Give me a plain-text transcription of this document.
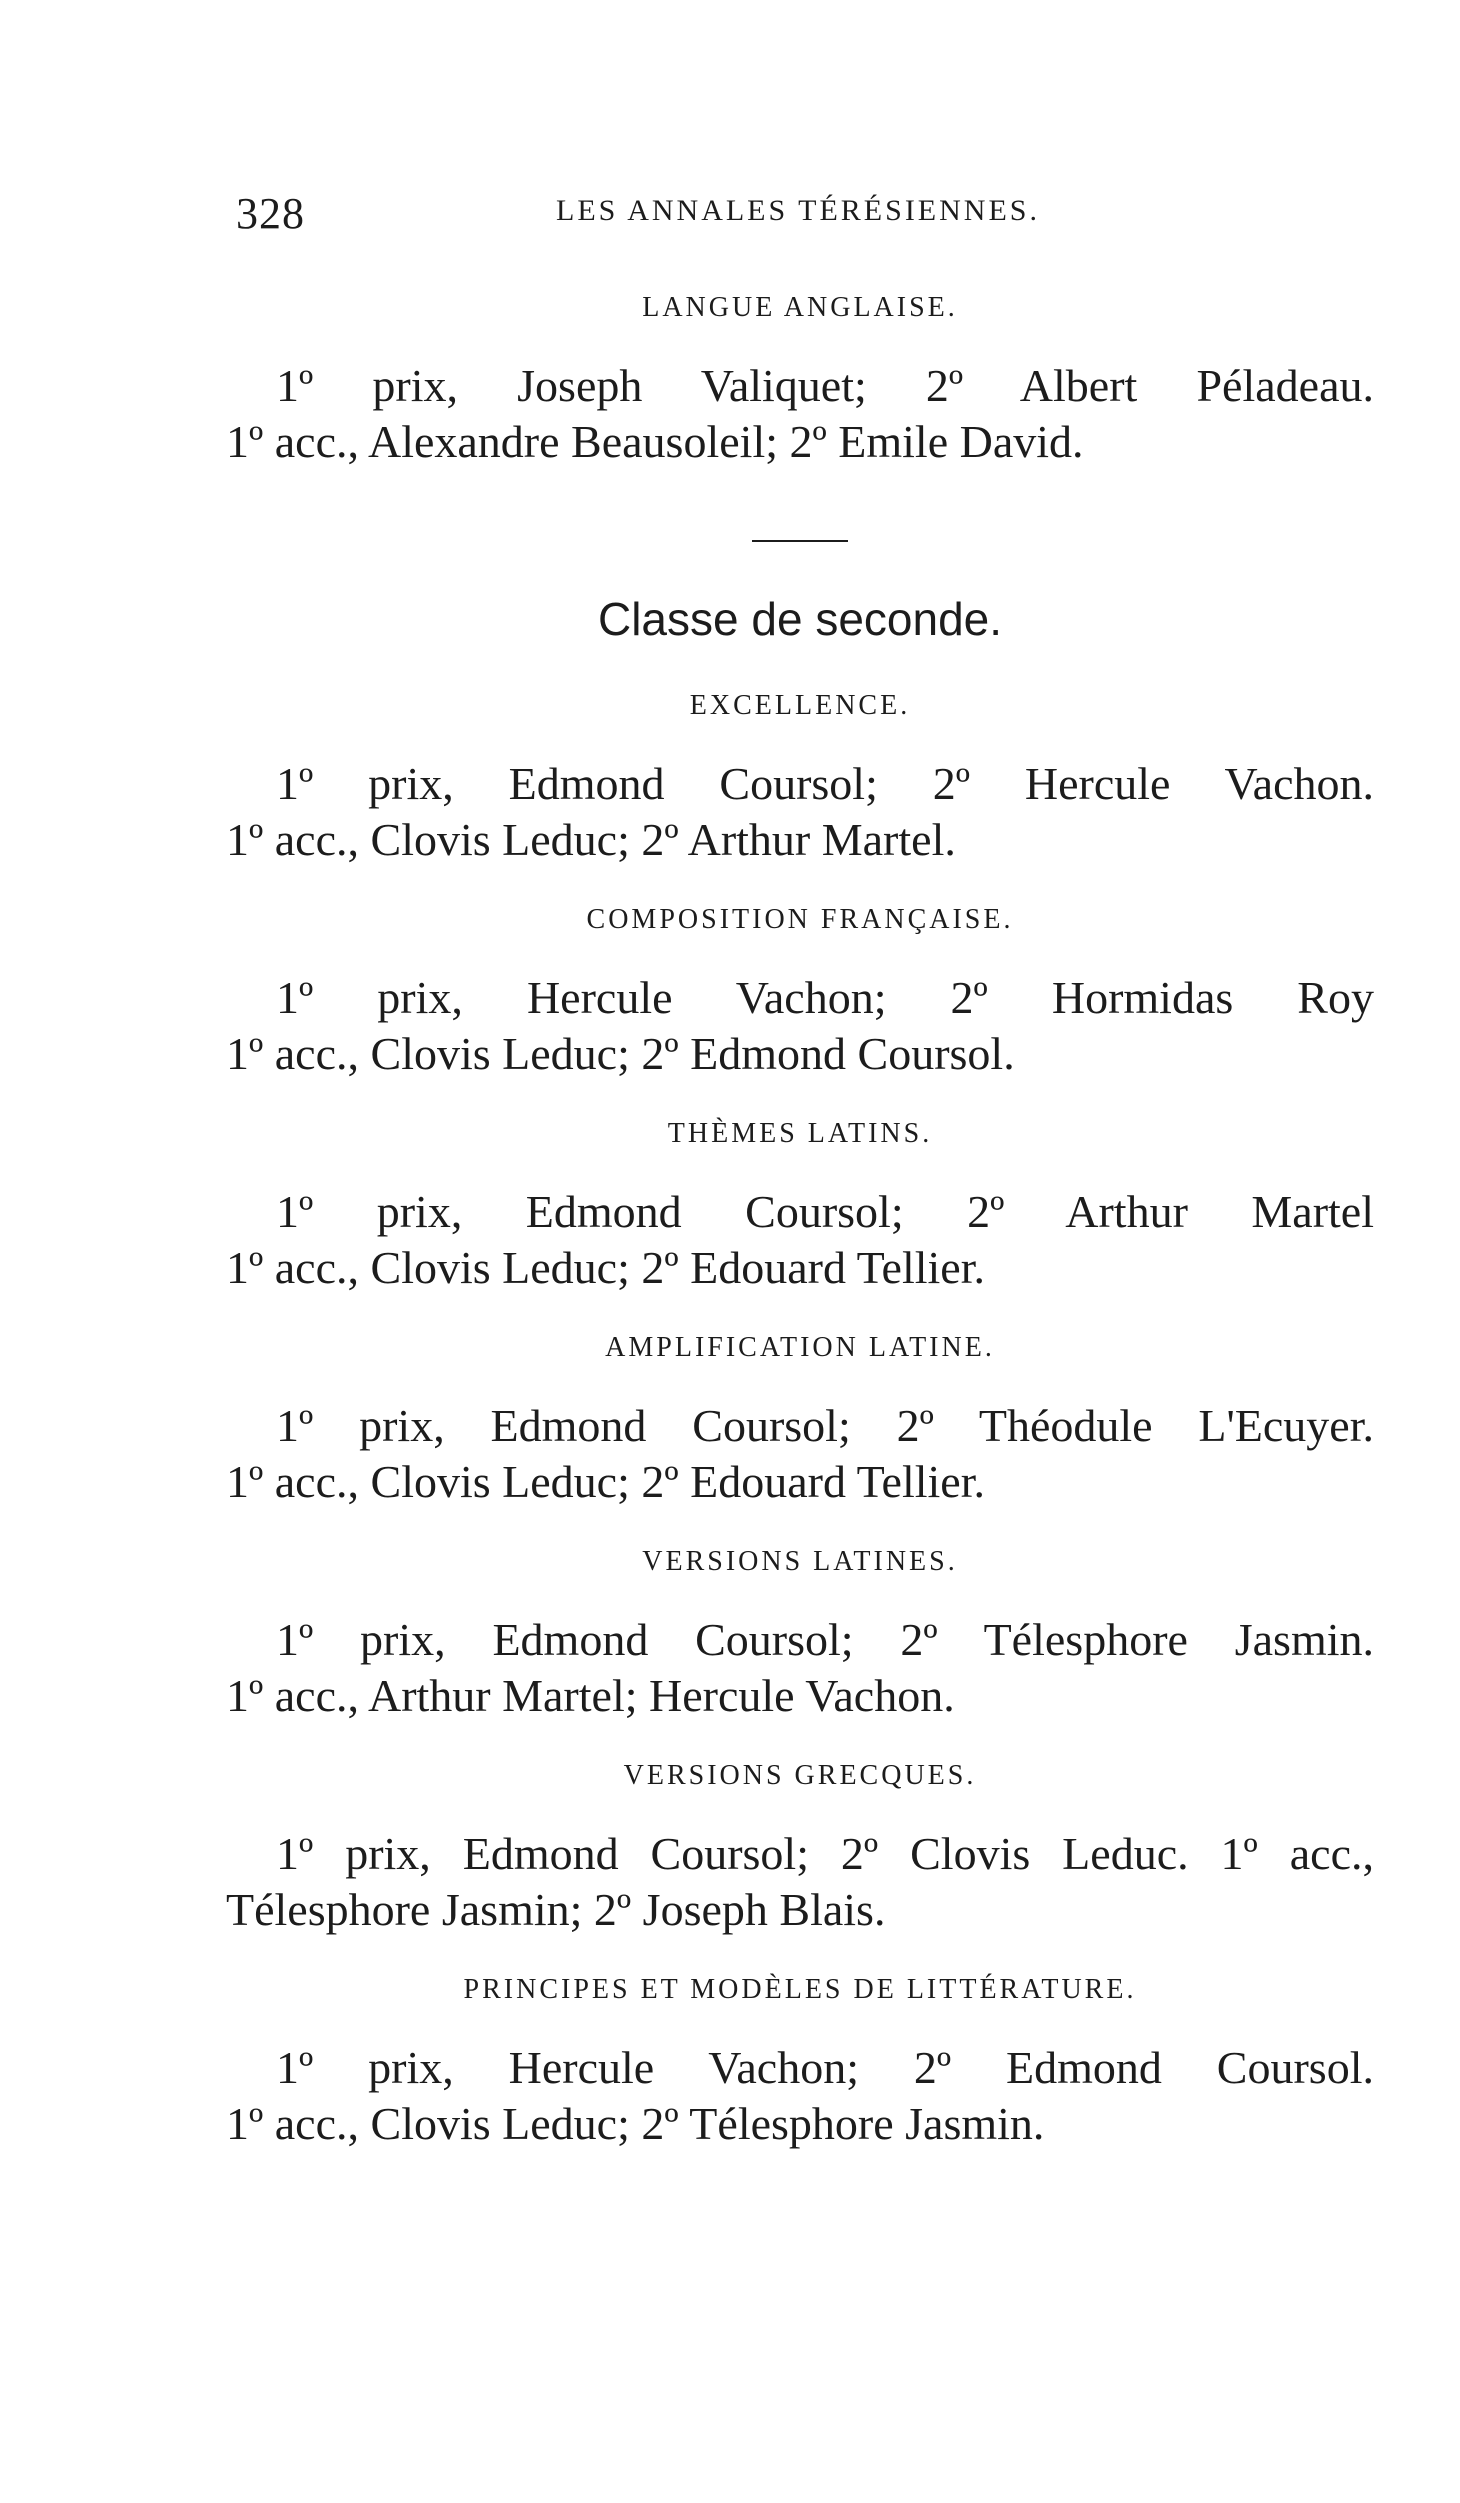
328	LES ANNALES TÉRÉSIENNES.

LANGUE ANGLAISE.

1º prix, Joseph Valiquet; 2º Albert Péladeau.

1º acc., Alexandre Beausoleil; 2º Emile David.

Classe de seconde.

EXCELLENCE.

1º prix, Edmond Coursol; 2º Hercule Vachon.

1º acc., Clovis Leduc; 2º Arthur Martel.

COMPOSITION FRANÇAISE.

1º prix, Hercule Vachon; 2º Hormidas Roy

1º acc., Clovis Leduc; 2º Edmond Coursol.

THÈMES LATINS.

1º prix, Edmond Coursol; 2º Arthur Martel

1º acc., Clovis Leduc; 2º Edouard Tellier.

AMPLIFICATION LATINE.

1º prix, Edmond Coursol; 2º Théodule L'Ecuyer.

1º acc., Clovis Leduc; 2º Edouard Tellier.

VERSIONS LATINES.

1º prix, Edmond Coursol; 2º Télesphore Jasmin.

1º acc., Arthur Martel; Hercule Vachon.

VERSIONS GRECQUES.

1º prix, Edmond Coursol; 2º Clovis Leduc. 1º acc.,

Télesphore Jasmin; 2º Joseph Blais.

PRINCIPES ET MODÈLES DE LITTÉRATURE.

1º prix, Hercule Vachon; 2º Edmond Coursol.

1º acc., Clovis Leduc; 2º Télesphore Jasmin.
